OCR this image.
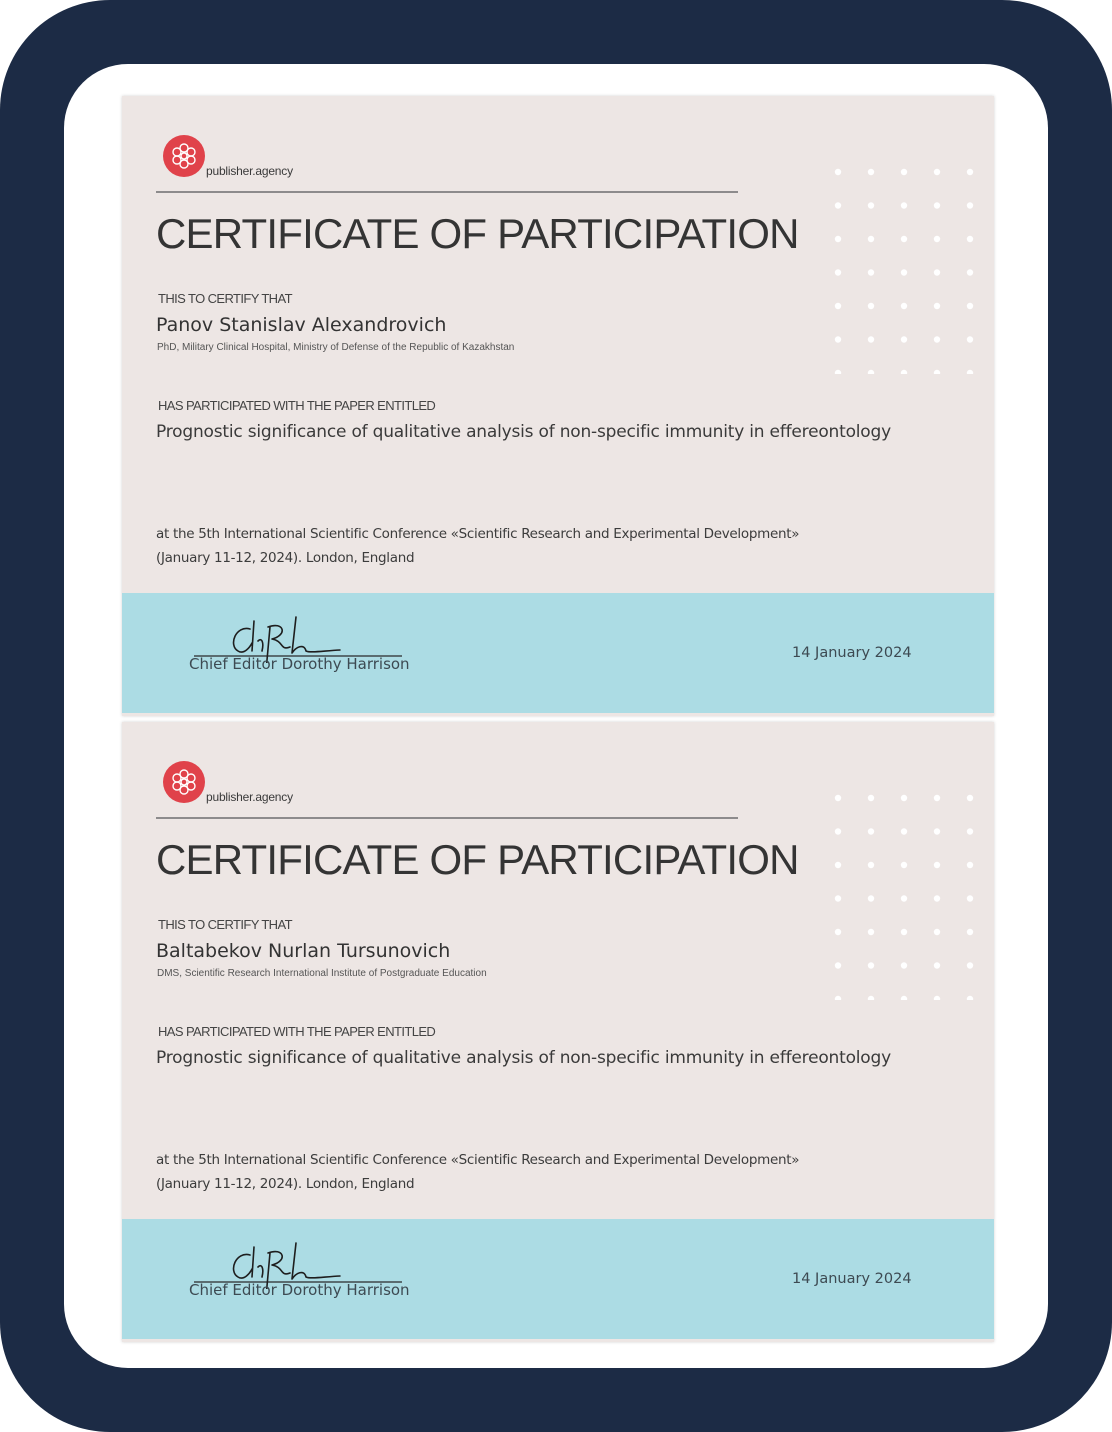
publisher.agency
CERTIFICATE OF PARTICIPATION
THIS TO CERTIFY THAT
Panov Stanislav Alexandrovich
PhD, Military Clinical Hospital, Ministry of Defense of the Republic of Kazakhstan
HAS PARTICIPATED WITH THE PAPER ENTITLED
Prognostic significance of qualitative analysis of non-specific immunity in effereontology
at the 5th International Scientific Conference «Scientific Research and Experimental Development»
(January 11-12, 2024). London, England
Chief Editor Dorothy Harrison
14 January 2024
publisher.agency
CERTIFICATE OF PARTICIPATION
THIS TO CERTIFY THAT
Baltabekov Nurlan Tursunovich
DMS, Scientific Research International Institute of Postgraduate Education
HAS PARTICIPATED WITH THE PAPER ENTITLED
Prognostic significance of qualitative analysis of non-specific immunity in effereontology
at the 5th International Scientific Conference «Scientific Research and Experimental Development»
(January 11-12, 2024). London, England
Chief Editor Dorothy Harrison
14 January 2024
